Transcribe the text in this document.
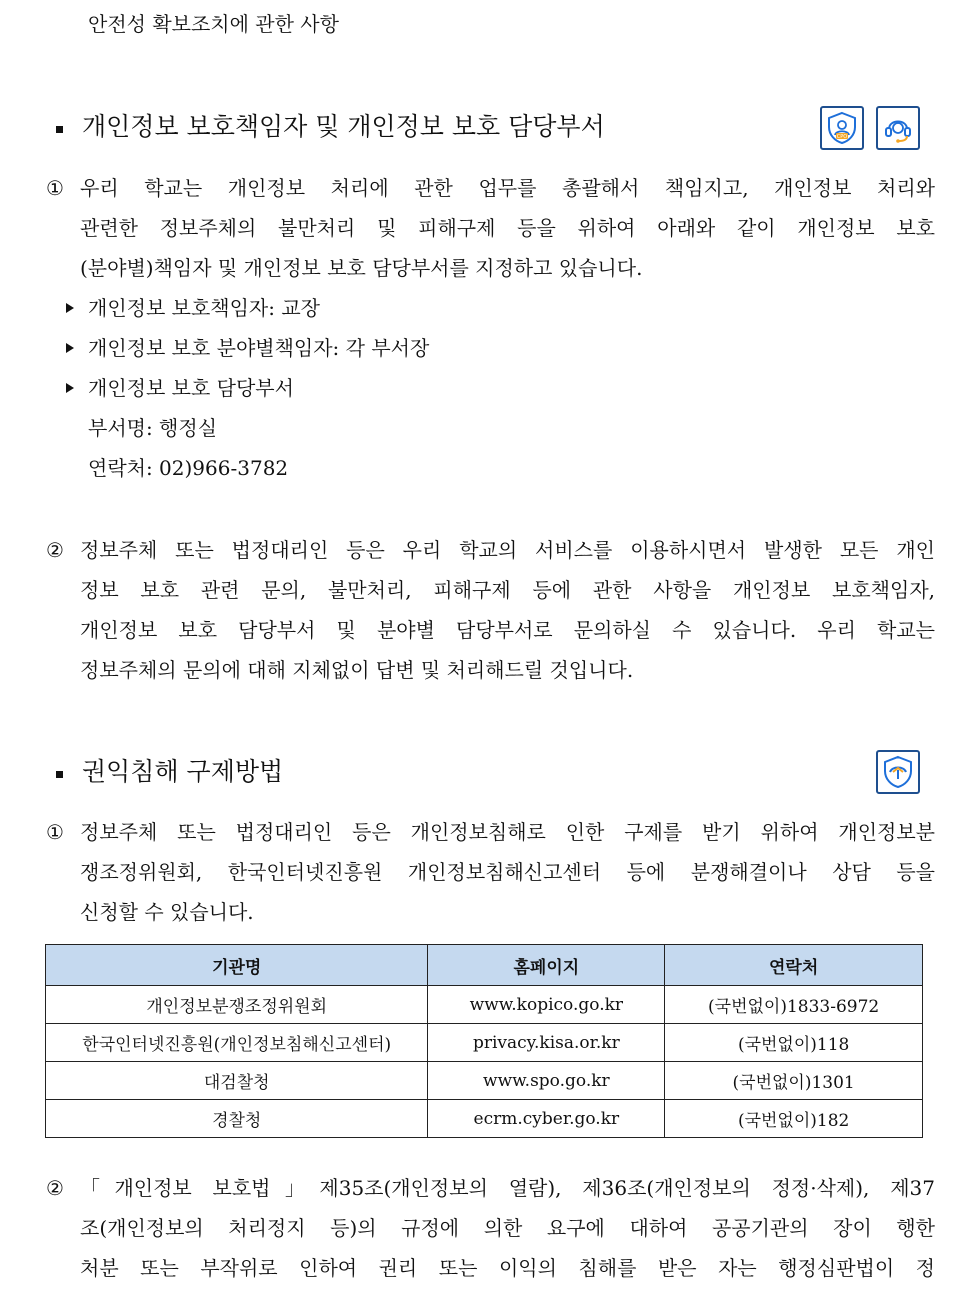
안전성 확보조치에 관한 사항
개인정보 보호책임자 및 개인정보 보호 담당부서	CPO
① 우리 학교는 개인정보 처리에 관한 업무를 총괄해서 책임지고, 개인정보 처리와
관련한 정보주체의 불만처리 및 피해구제 등을 위하여 아래와 같이 개인정보 보호
(분야별)책임자 및 개인정보 보호 담당부서를 지정하고 있습니다.
개인정보 보호책임자: 교장
개인정보 보호 분야별책임자: 각 부서장
개인정보 보호 담당부서
부서명: 행정실
연락처: 02)966-3782
② 정보주체 또는 법정대리인 등은 우리 학교의 서비스를 이용하시면서 발생한 모든 개인
정보 보호 관련 문의, 불만처리, 피해구제 등에 관한 사항을 개인정보 보호책임자,
개인정보 보호 담당부서 및 분야별 담당부서로 문의하실 수 있습니다. 우리 학교는
정보주체의 문의에 대해 지체없이 답변 및 처리해드릴 것입니다.
권익침해 구제방법
① 정보주체 또는 법정대리인 등은 개인정보침해로 인한 구제를 받기 위하여 개인정보분
쟁조정위원회, 한국인터넷진흥원 개인정보침해신고센터 등에 분쟁해결이나 상담 등을
신청할 수 있습니다.
기관명	홈페이지	연락처
개인정보분쟁조정위원회	www.kopico.go.kr	(국번없이)1833-6972
한국인터넷진흥원(개인정보침해신고센터)	privacy.kisa.or.kr	(국번없이)118
대검찰청	www.spo.go.kr	(국번없이)1301
경찰청	ecrm.cyber.go.kr	(국번없이)182
② 「개인정보 보호법」제35조(개인정보의 열람), 제36조(개인정보의 정정·삭제), 제37
조(개인정보의 처리정지 등)의 규정에 의한 요구에 대하여 공공기관의 장이 행한
처분 또는 부작위로 인하여 권리 또는 이익의 침해를 받은 자는 행정심판법이 정
